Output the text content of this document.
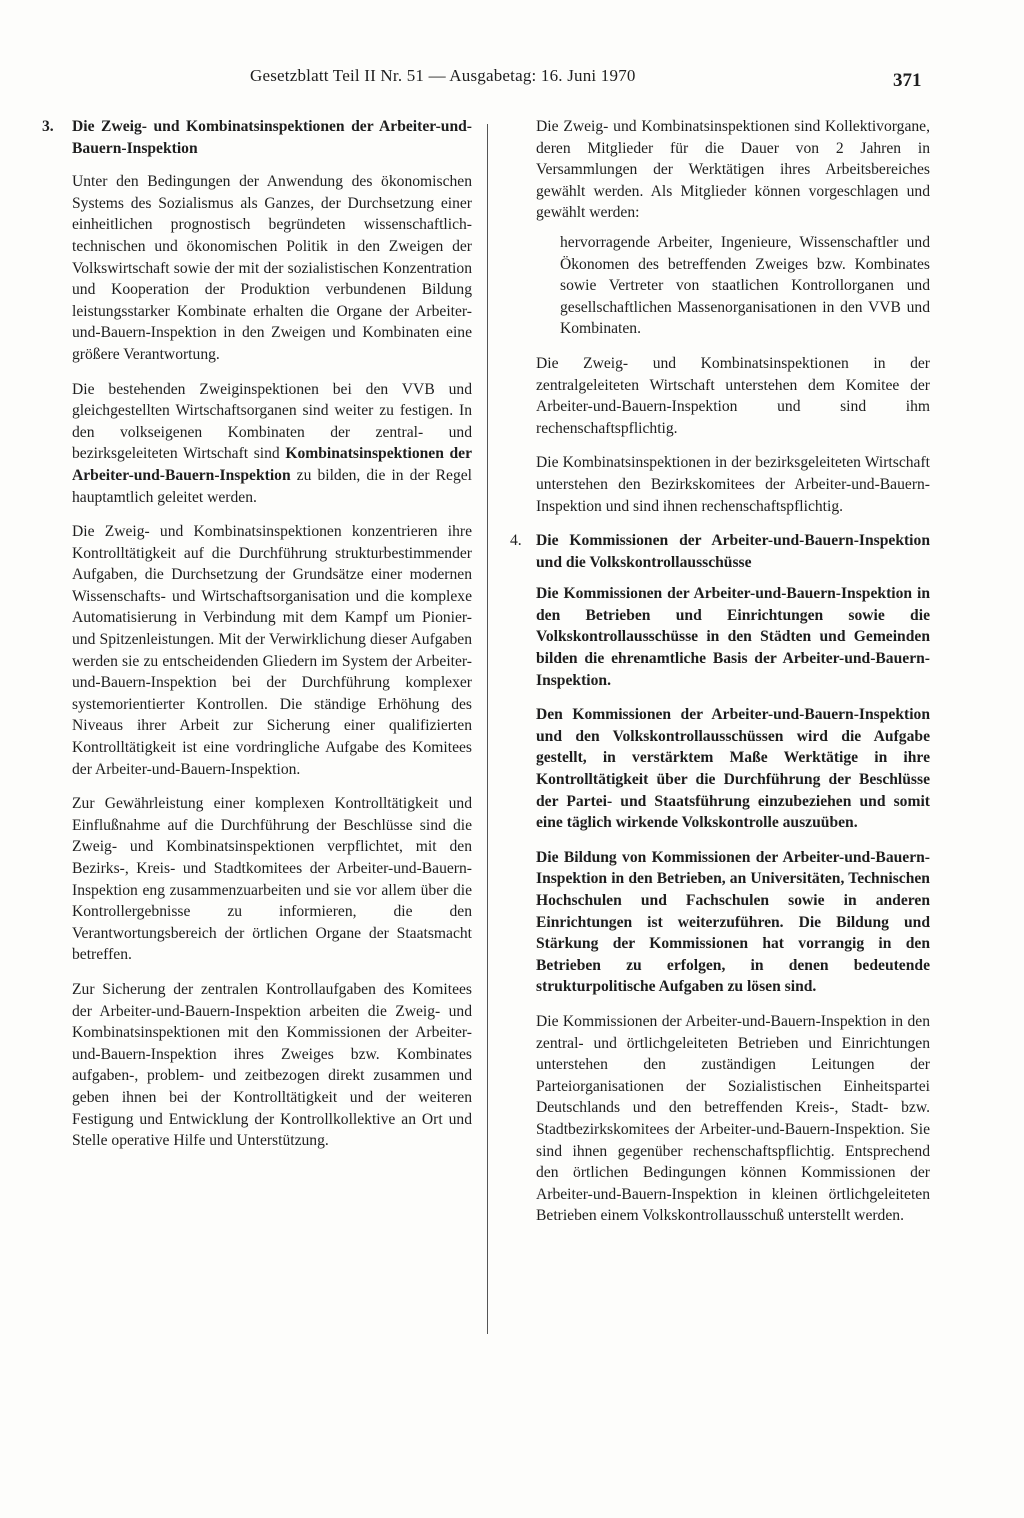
Gesetzblatt Teil II Nr. 51 — Ausgabetag: 16. Juni 1970	371
3. Die Zweig- und Kombinatsinspektionen der Arbeiter-und-Bauern-Inspektion

Unter den Bedingungen der Anwendung des ökonomischen Systems des Sozialismus als Ganzes, der Durchsetzung einer einheitlichen prognostisch begründeten wissenschaftlich-technischen und ökonomischen Politik in den Zweigen der Volkswirtschaft sowie der mit der sozialistischen Konzentration und Kooperation der Produktion verbundenen Bildung leistungsstarker Kombinate erhalten die Organe der Arbeiter-und-Bauern-Inspektion in den Zweigen und Kombinaten eine größere Verantwortung.

Die bestehenden Zweiginspektionen bei den VVB und gleichgestellten Wirtschaftsorganen sind weiter zu festigen. In den volkseigenen Kombinaten der zentral- und bezirksgeleiteten Wirtschaft sind Kombinatsinspektionen der Arbeiter-und-Bauern-Inspektion zu bilden, die in der Regel hauptamtlich geleitet werden.

Die Zweig- und Kombinatsinspektionen konzentrieren ihre Kontrolltätigkeit auf die Durchführung strukturbestimmender Aufgaben, die Durchsetzung der Grundsätze einer modernen Wissenschafts- und Wirtschaftsorganisation und die komplexe Automatisierung in Verbindung mit dem Kampf um Pionier- und Spitzenleistungen. Mit der Verwirklichung dieser Aufgaben werden sie zu entscheidenden Gliedern im System der Arbeiter-und-Bauern-Inspektion bei der Durchführung komplexer systemorientierter Kontrollen. Die ständige Erhöhung des Niveaus ihrer Arbeit zur Sicherung einer qualifizierten Kontrolltätigkeit ist eine vordringliche Aufgabe des Komitees der Arbeiter-und-Bauern-Inspektion.

Zur Gewährleistung einer komplexen Kontrolltätigkeit und Einflußnahme auf die Durchführung der Beschlüsse sind die Zweig- und Kombinatsinspektionen verpflichtet, mit den Bezirks-, Kreis- und Stadtkomitees der Arbeiter-und-Bauern-Inspektion eng zusammenzuarbeiten und sie vor allem über die Kontrollergebnisse zu informieren, die den Verantwortungsbereich der örtlichen Organe der Staatsmacht betreffen.

Zur Sicherung der zentralen Kontrollaufgaben des Komitees der Arbeiter-und-Bauern-Inspektion arbeiten die Zweig- und Kombinatsinspektionen mit den Kommissionen der Arbeiter-und-Bauern-Inspektion ihres Zweiges bzw. Kombinates aufgaben-, problem- und zeitbezogen direkt zusammen und geben ihnen bei der Kontrolltätigkeit und der weiteren Festigung und Entwicklung der Kontrollkollektive an Ort und Stelle operative Hilfe und Unterstützung.

Die Zweig- und Kombinatsinspektionen sind Kollektivorgane, deren Mitglieder für die Dauer von 2 Jahren in Versammlungen der Werktätigen ihres Arbeitsbereiches gewählt werden. Als Mitglieder können vorgeschlagen und gewählt werden:

hervorragende Arbeiter, Ingenieure, Wissenschaftler und Ökonomen des betreffenden Zweiges bzw. Kombinates sowie Vertreter von staatlichen Kontrollorganen und gesellschaftlichen Massenorganisationen in den VVB und Kombinaten.

Die Zweig- und Kombinatsinspektionen in der zentralgeleiteten Wirtschaft unterstehen dem Komitee der Arbeiter-und-Bauern-Inspektion und sind ihm rechenschaftspflichtig.

Die Kombinatsinspektionen in der bezirksgeleiteten Wirtschaft unterstehen den Bezirkskomitees der Arbeiter-und-Bauern-Inspektion und sind ihnen rechenschaftspflichtig.

4. Die Kommissionen der Arbeiter-und-Bauern-Inspektion und die Volkskontrollausschüsse

Die Kommissionen der Arbeiter-und-Bauern-Inspektion in den Betrieben und Einrichtungen sowie die Volkskontrollausschüsse in den Städten und Gemeinden bilden die ehrenamtliche Basis der Arbeiter-und-Bauern-Inspektion.

Den Kommissionen der Arbeiter-und-Bauern-Inspektion und den Volkskontrollausschüssen wird die Aufgabe gestellt, in verstärktem Maße Werktätige in ihre Kontrolltätigkeit über die Durchführung der Beschlüsse der Partei- und Staatsführung einzubeziehen und somit eine täglich wirkende Volkskontrolle auszuüben.

Die Bildung von Kommissionen der Arbeiter-und-Bauern-Inspektion in den Betrieben, an Universitäten, Technischen Hochschulen und Fachschulen sowie in anderen Einrichtungen ist weiterzuführen. Die Bildung und Stärkung der Kommissionen hat vorrangig in den Betrieben zu erfolgen, in denen bedeutende strukturpolitische Aufgaben zu lösen sind.

Die Kommissionen der Arbeiter-und-Bauern-Inspektion in den zentral- und örtlichgeleiteten Betrieben und Einrichtungen unterstehen den zuständigen Leitungen der Parteiorganisationen der Sozialistischen Einheitspartei Deutschlands und den betreffenden Kreis-, Stadt- bzw. Stadtbezirkskomitees der Arbeiter-und-Bauern-Inspektion. Sie sind ihnen gegenüber rechenschaftspflichtig. Entsprechend den örtlichen Bedingungen können Kommissionen der Arbeiter-und-Bauern-Inspektion in kleinen örtlichgeleiteten Betrieben einem Volkskontrollausschuß unterstellt werden.
